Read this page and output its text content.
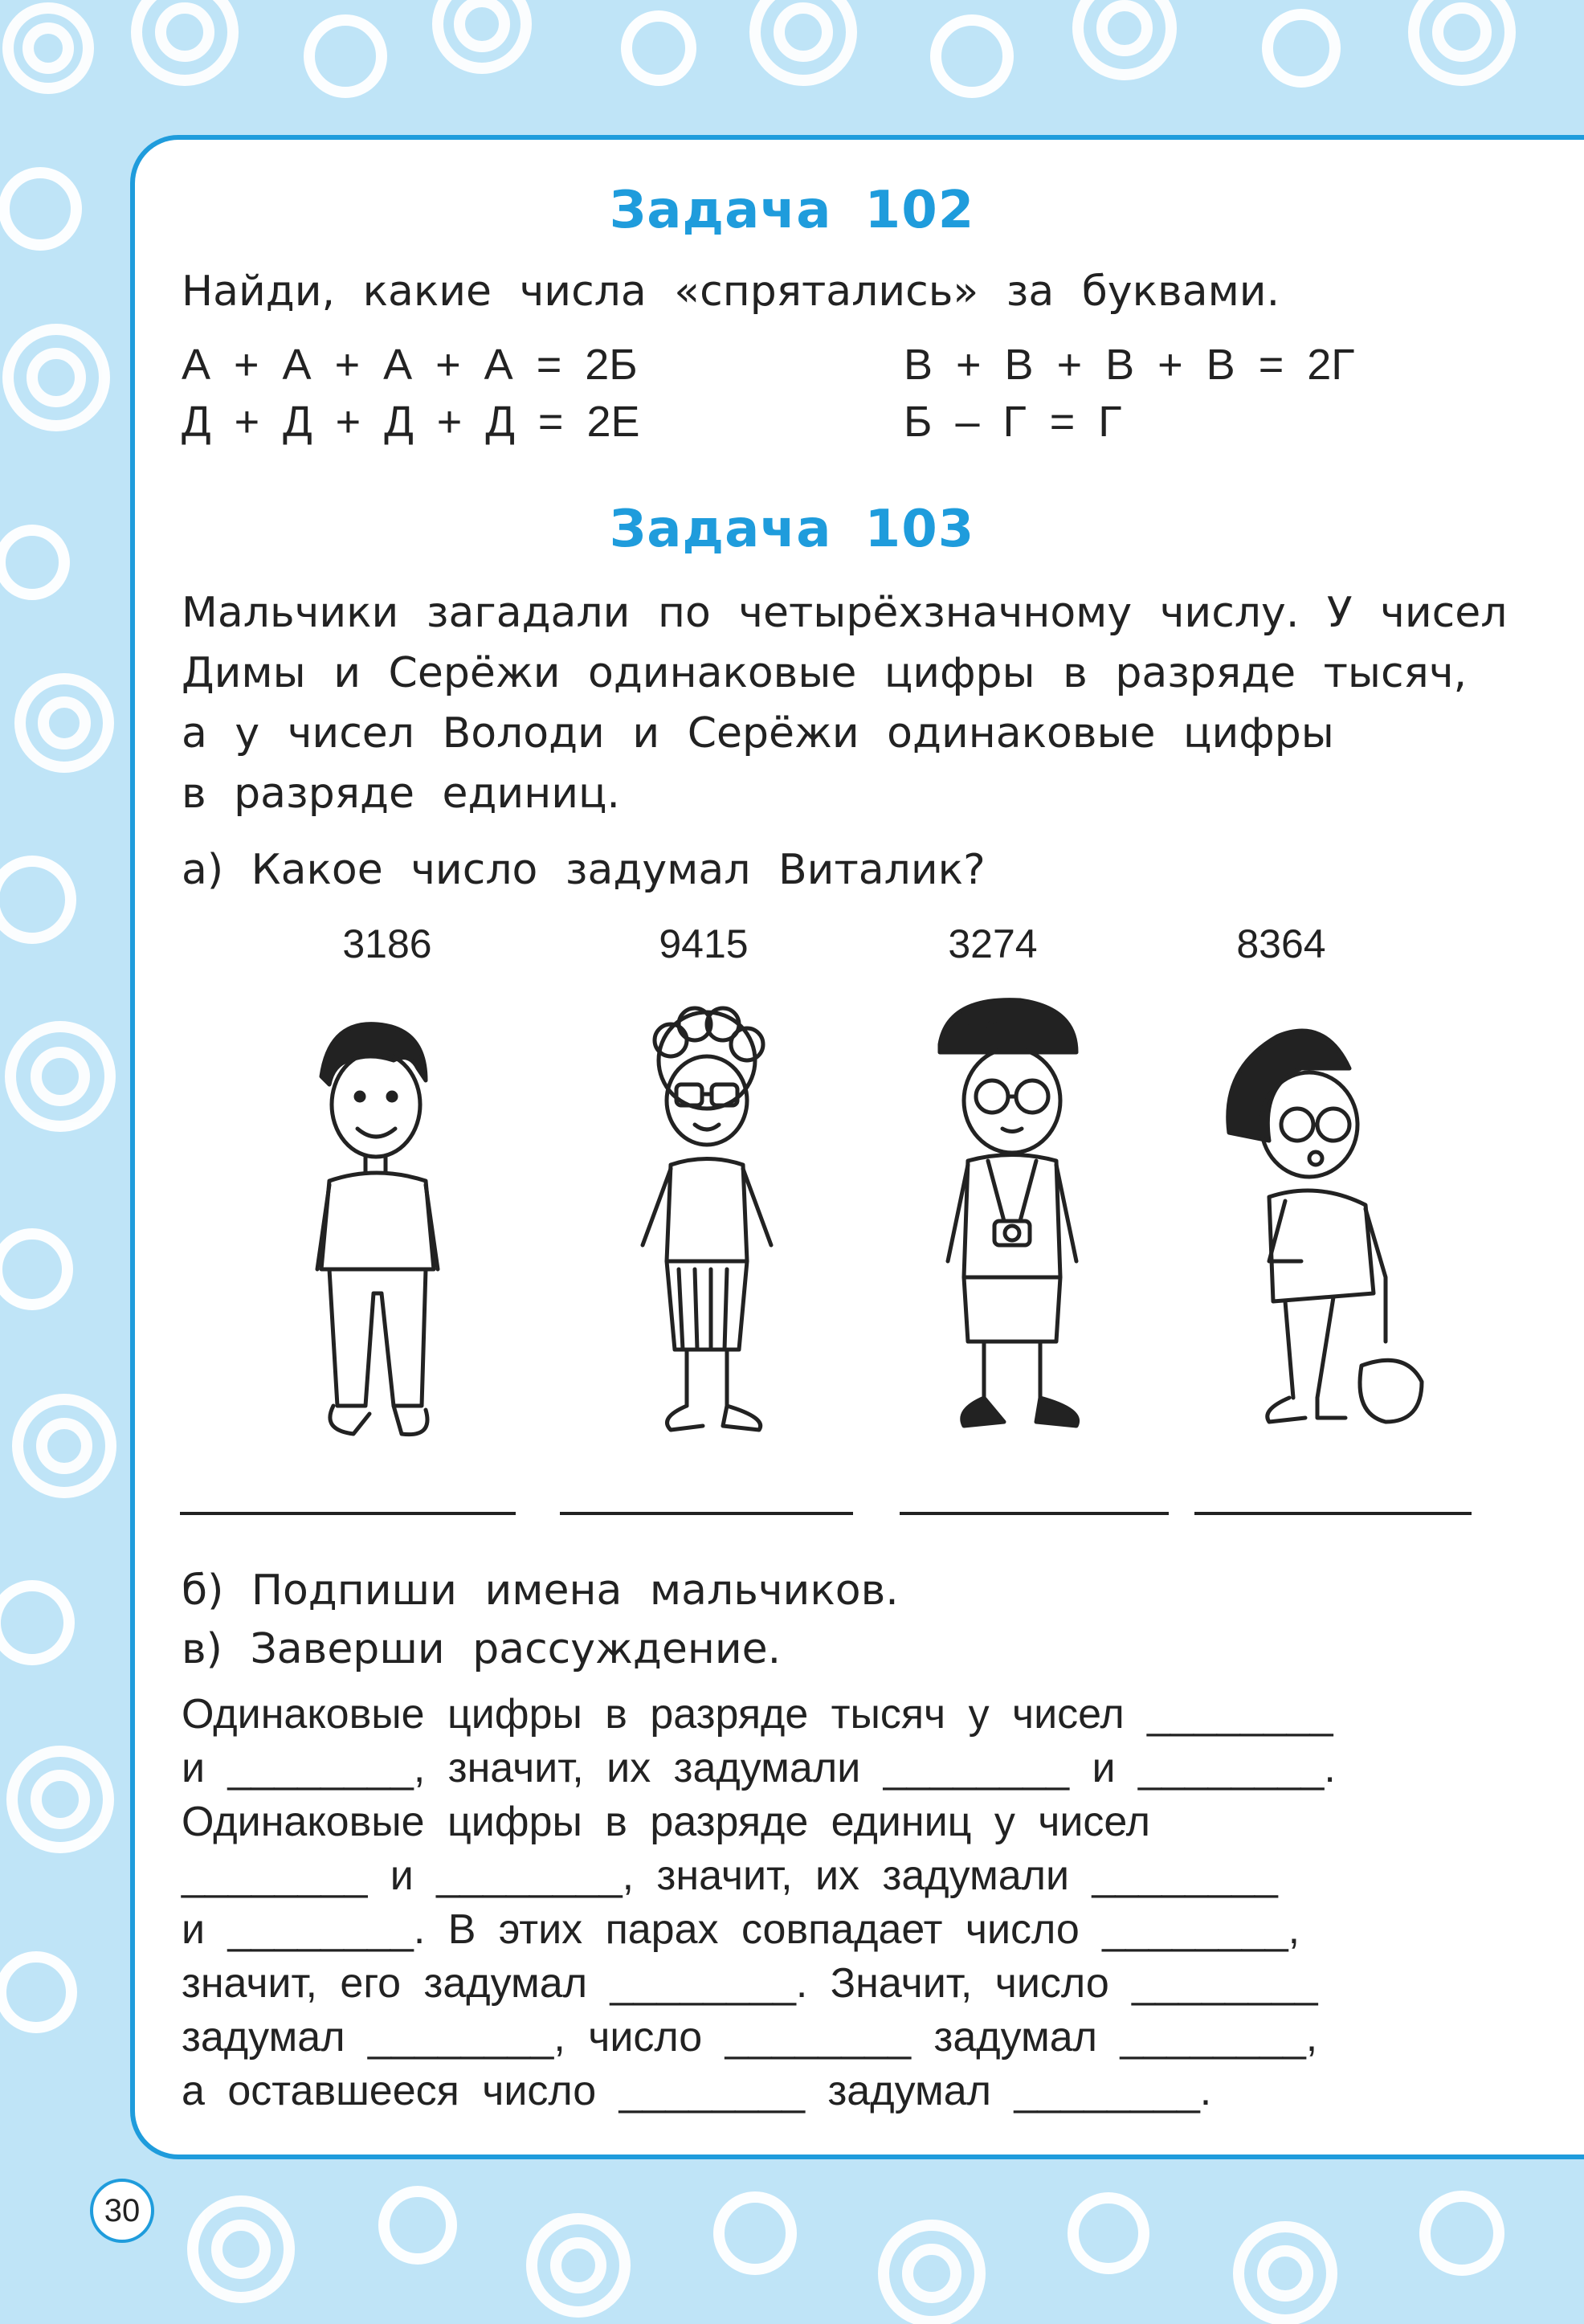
Задача 102
Найди, какие числа «спрятались» за буквами.
А + А + А + А = 2Б	В + В + В + В = 2Г
Д + Д + Д + Д = 2Е	Б – Г = Г
Задача 103
Мальчики загадали по четырёхзначному числу. У чисел
Димы и Серёжи одинаковые цифры в разряде тысяч,
а у чисел Володи и Серёжи одинаковые цифры
в разряде единиц.
а) Какое число задумал Виталик?
3186	9415	3274	8364
б) Подпиши имена мальчиков.
в) Заверши рассуждение.
Одинаковые цифры в разряде тысяч у чисел ________
и ________, значит, их задумали ________ и ________.
Одинаковые цифры в разряде единиц у чисел
________ и ________, значит, их задумали ________
и ________. В этих парах совпадает число ________,
значит, его задумал ________. Значит, число ________
задумал ________, число ________ задумал ________,
а оставшееся число ________ задумал ________.
30
